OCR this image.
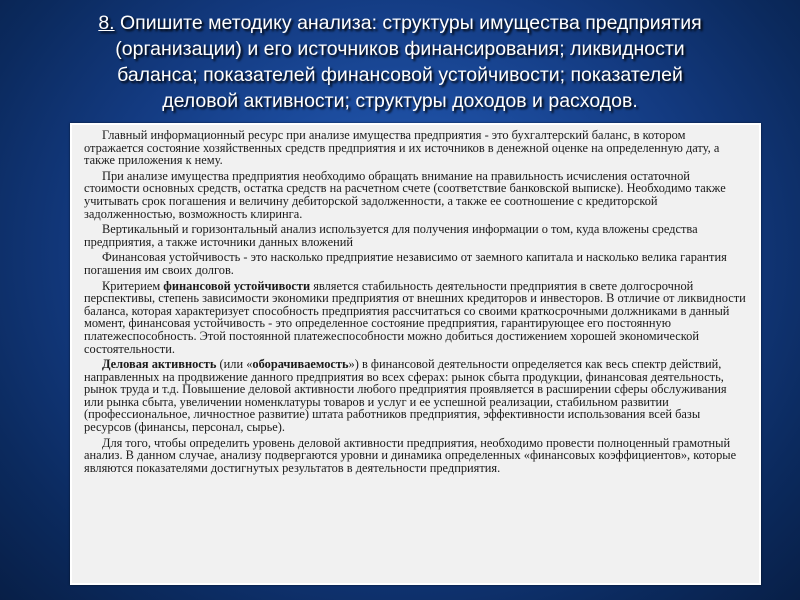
8. Опишите методику анализа: структуры имущества предприятия
(организации) и его источников финансирования; ликвидности
баланса; показателей финансовой устойчивости; показателей
деловой активности; структуры доходов и расходов.

Главный информационный ресурс при анализе имущества предприятия - это бухгалтерский баланс, в котором отражается состояние хозяйственных средств предприятия и их источников в денежной оценке на определенную дату, а также приложения к нему.

При анализе имущества предприятия необходимо обращать внимание на правильность исчисления остаточной стоимости основных средств, остатка средств на расчетном счете (соответствие банковской выписке). Необходимо также учитывать срок погашения и величину дебиторской задолженности, а также ее соотношение с кредиторской задолженностью, возможность клиринга.

Вертикальный и горизонтальный анализ используется для получения информации о том, куда вложены средства предприятия, а также источники данных вложений

Финансовая устойчивость - это насколько предприятие независимо от заемного капитала и насколько велика гарантия погашения им своих долгов.

Критерием финансовой устойчивости является стабильность деятельности предприятия в свете долгосрочной перспективы, степень зависимости экономики предприятия от внешних кредиторов и инвесторов. В отличие от ликвидности баланса, которая характеризует способность предприятия рассчитаться со своими краткосрочными должниками в данный момент, финансовая устойчивость - это определенное состояние предприятия, гарантирующее его постоянную платежеспособность. Этой постоянной платежеспособности можно добиться достижением хорошей экономической состоятельности.

Деловая активность (или «оборачиваемость») в финансовой деятельности определяется как весь спектр действий, направленных на продвижение данного предприятия во всех сферах: рынок сбыта продукции, финансовая деятельность, рынок труда и т.д. Повышение деловой активности любого предприятия проявляется в расширении сферы обслуживания или рынка сбыта, увеличении номенклатуры товаров и услуг и ее успешной реализации, стабильном развитии (профессиональное, личностное развитие) штата работников предприятия, эффективности использования всей базы ресурсов (финансы, персонал, сырье).

Для того, чтобы определить уровень деловой активности предприятия, необходимо провести полноценный грамотный анализ. В данном случае, анализу подвергаются уровни и динамика определенных «финансовых коэффициентов», которые являются показателями достигнутых результатов в деятельности предприятия.
